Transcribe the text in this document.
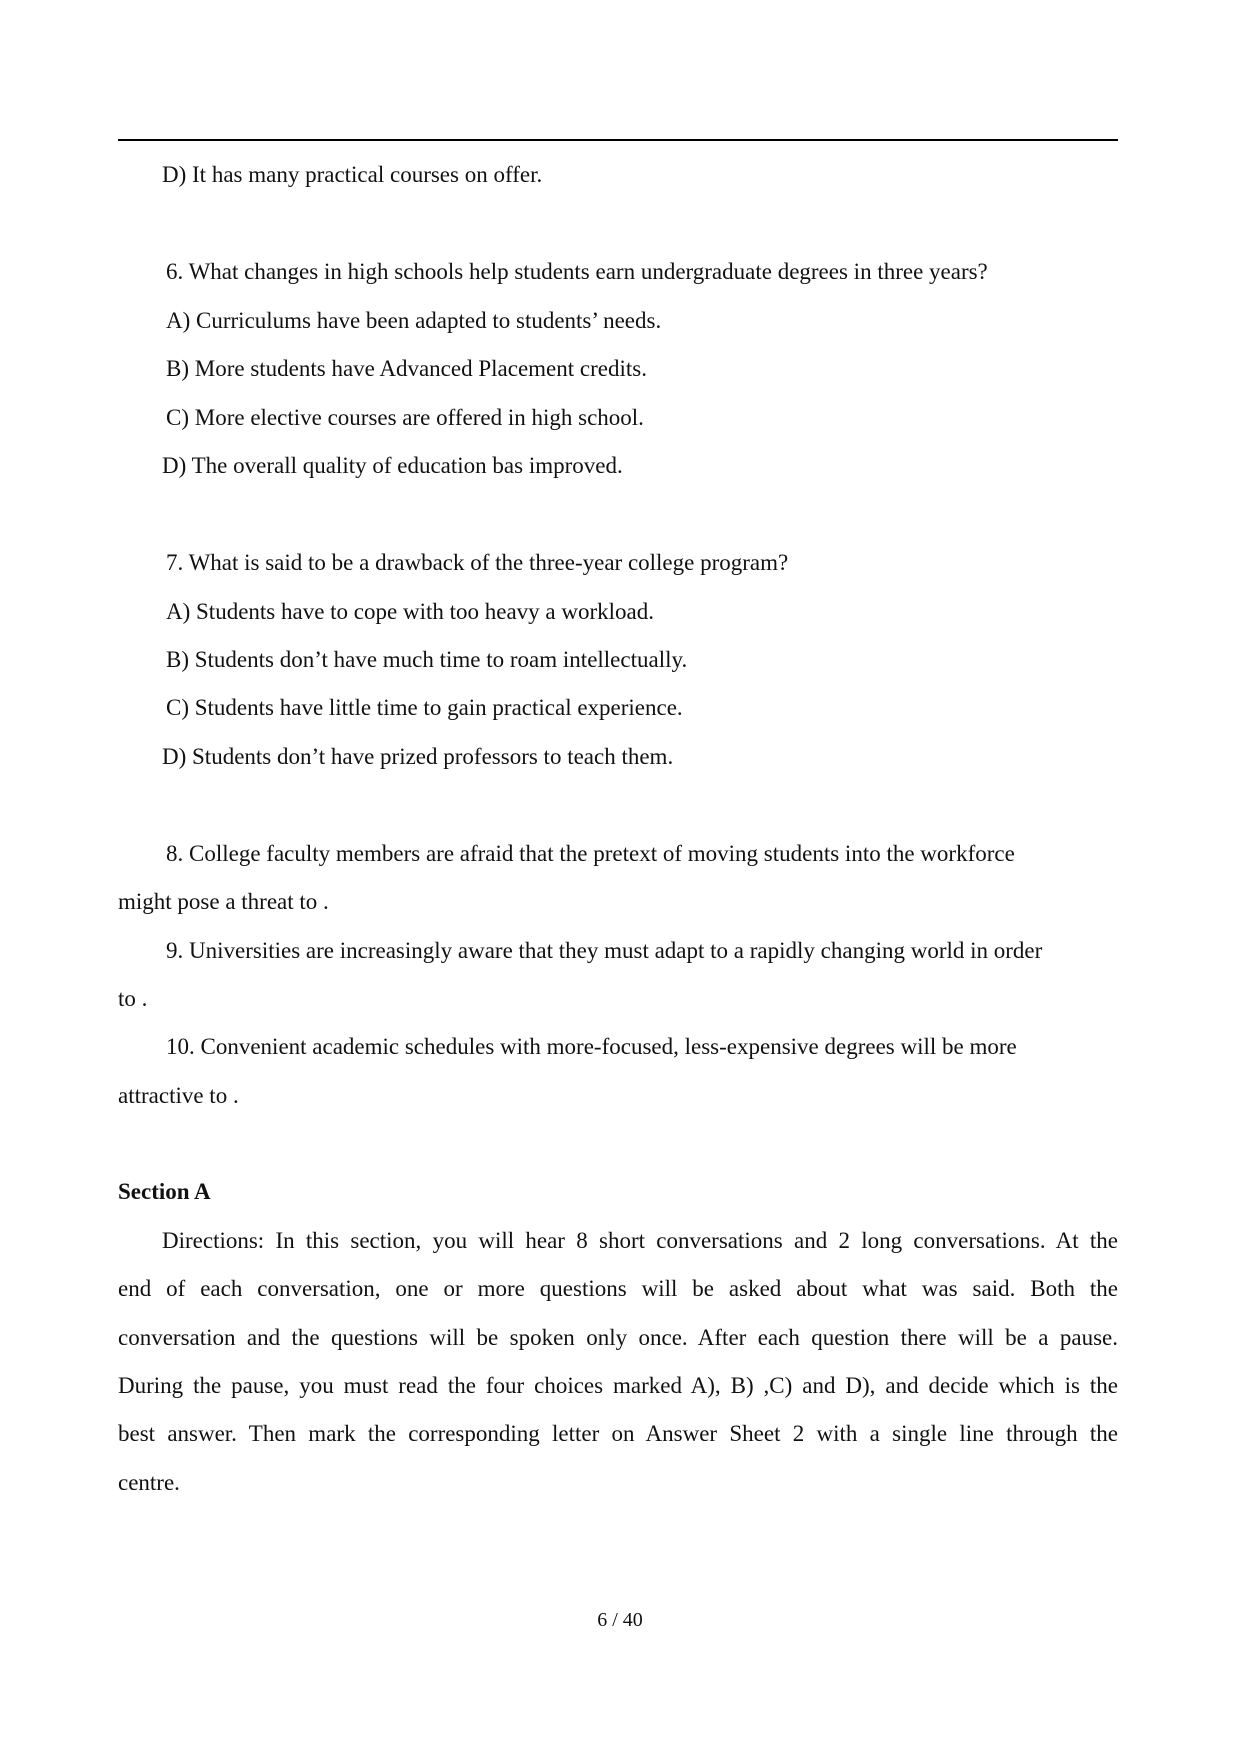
D) It has many practical courses on offer.
6. What changes in high schools help students earn undergraduate degrees in three years?
A) Curriculums have been adapted to students’ needs.
B) More students have Advanced Placement credits.
C) More elective courses are offered in high school.
D) The overall quality of education bas improved.
7. What is said to be a drawback of the three-year college program?
A) Students have to cope with too heavy a workload.
B) Students don’t have much time to roam intellectually.
C) Students have little time to gain practical experience.
D) Students don’t have prized professors to teach them.
8. College faculty members are afraid that the pretext of moving students into the workforce
might pose a threat to .
9. Universities are increasingly aware that they must adapt to a rapidly changing world in order
to .
10. Convenient academic schedules with more-focused, less-expensive degrees will be more
attractive to .
Section A
Directions: In this section, you will hear 8 short conversations and 2 long conversations. At the
end of each conversation, one or more questions will be asked about what was said. Both the
conversation and the questions will be spoken only once. After each question there will be a pause.
During the pause, you must read the four choices marked A), B) ,C) and D), and decide which is the
best answer. Then mark the corresponding letter on Answer Sheet 2 with a single line through the
centre.
6 / 40
